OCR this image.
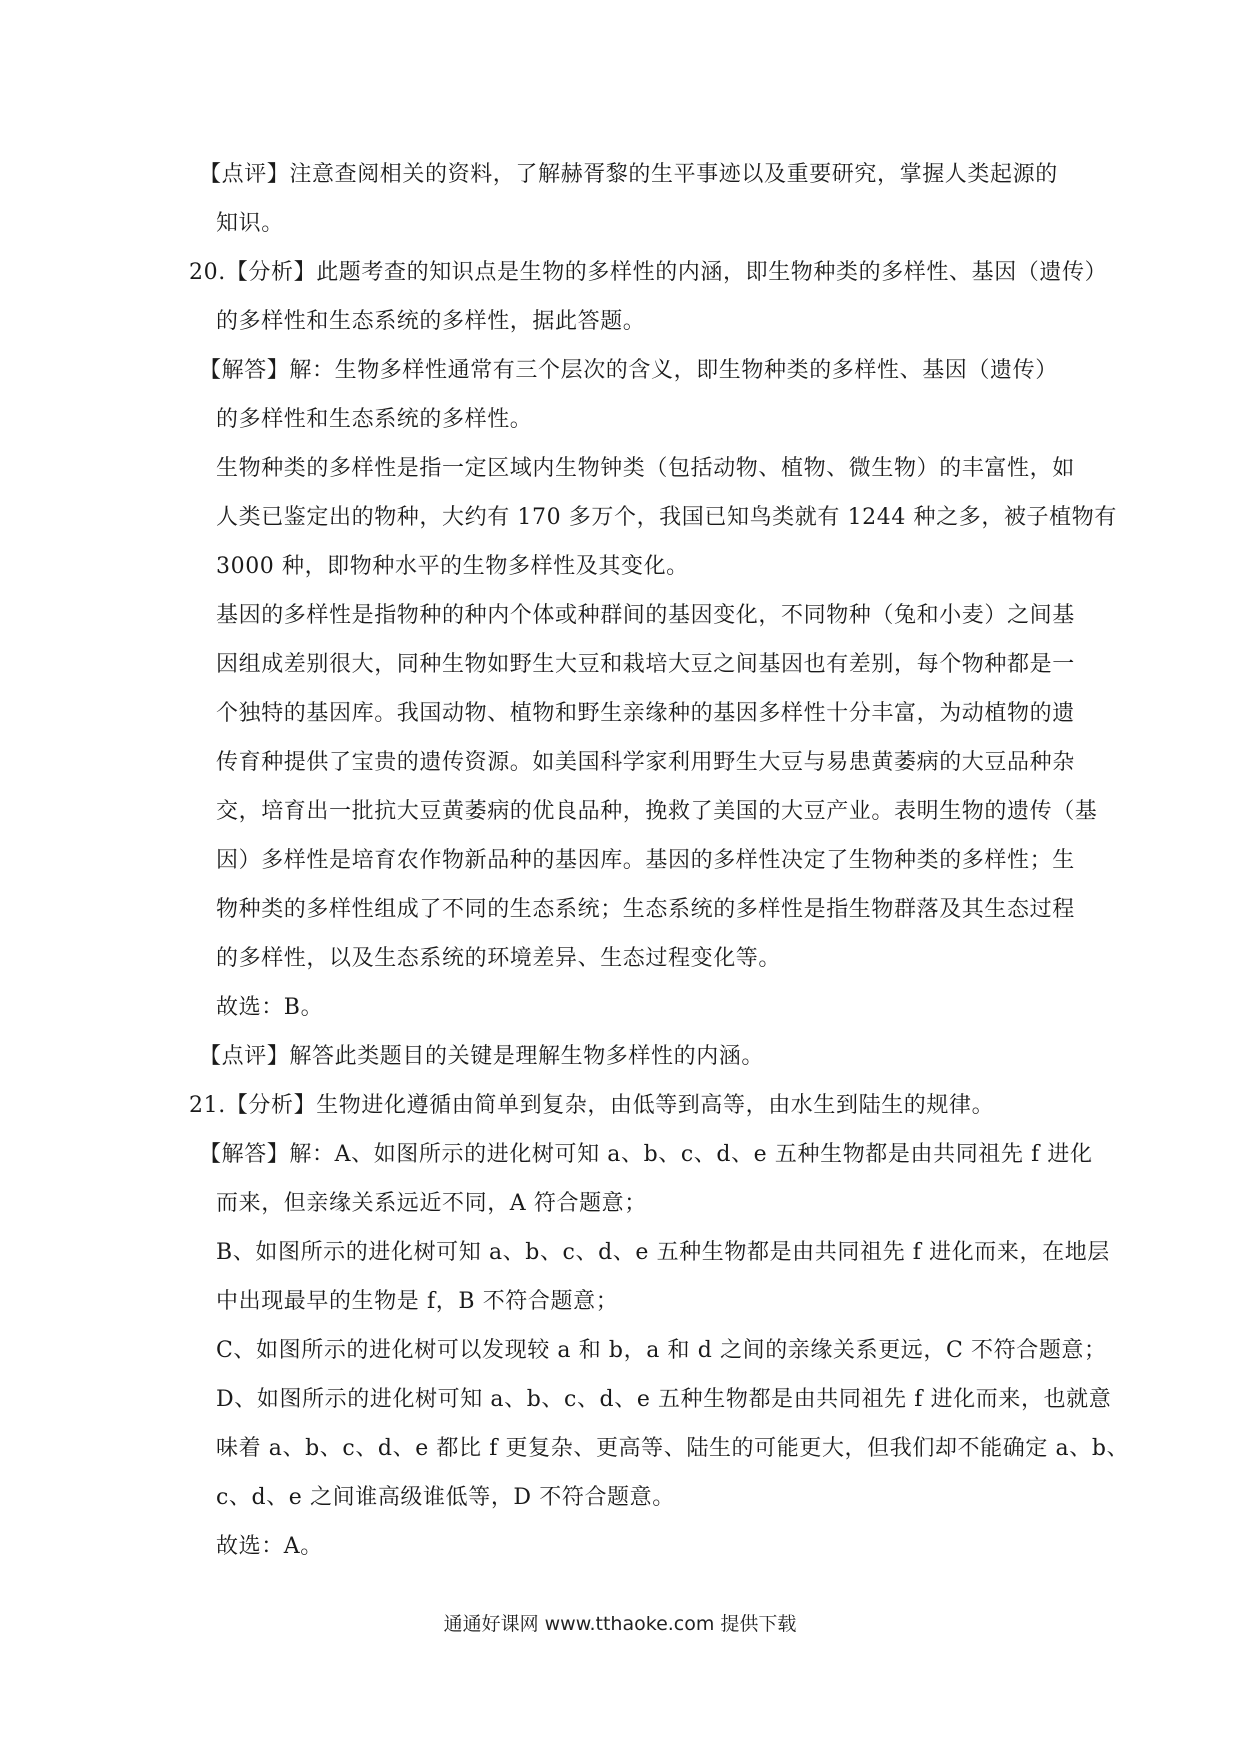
【点评】注意查阅相关的资料，了解赫胥黎的生平事迹以及重要研究，掌握人类起源的
知识。
20.【分析】此题考查的知识点是生物的多样性的内涵，即生物种类的多样性、基因（遗传）
的多样性和生态系统的多样性，据此答题。
【解答】解：生物多样性通常有三个层次的含义，即生物种类的多样性、基因（遗传）
的多样性和生态系统的多样性。
生物种类的多样性是指一定区域内生物钟类（包括动物、植物、微生物）的丰富性，如
人类已鉴定出的物种，大约有 170 多万个，我国已知鸟类就有 1244 种之多，被子植物有
3000 种，即物种水平的生物多样性及其变化。
基因的多样性是指物种的种内个体或种群间的基因变化，不同物种（兔和小麦）之间基
因组成差别很大，同种生物如野生大豆和栽培大豆之间基因也有差别，每个物种都是一
个独特的基因库。我国动物、植物和野生亲缘种的基因多样性十分丰富，为动植物的遗
传育种提供了宝贵的遗传资源。如美国科学家利用野生大豆与易患黄萎病的大豆品种杂
交，培育出一批抗大豆黄萎病的优良品种，挽救了美国的大豆产业。表明生物的遗传（基
因）多样性是培育农作物新品种的基因库。基因的多样性决定了生物种类的多样性；生
物种类的多样性组成了不同的生态系统；生态系统的多样性是指生物群落及其生态过程
的多样性，以及生态系统的环境差异、生态过程变化等。
故选：B。
【点评】解答此类题目的关键是理解生物多样性的内涵。
21.【分析】生物进化遵循由简单到复杂，由低等到高等，由水生到陆生的规律。
【解答】解：A、如图所示的进化树可知 a、b、c、d、e 五种生物都是由共同祖先 f 进化
而来，但亲缘关系远近不同，A 符合题意；
B、如图所示的进化树可知 a、b、c、d、e 五种生物都是由共同祖先 f 进化而来，在地层
中出现最早的生物是 f，B 不符合题意；
C、如图所示的进化树可以发现较 a 和 b，a 和 d 之间的亲缘关系更远，C 不符合题意；
D、如图所示的进化树可知 a、b、c、d、e 五种生物都是由共同祖先 f 进化而来，也就意
味着 a、b、c、d、e 都比 f 更复杂、更高等、陆生的可能更大，但我们却不能确定 a、b、
c、d、e 之间谁高级谁低等，D 不符合题意。
故选：A。
通通好课网 www.tthaoke.com 提供下载
